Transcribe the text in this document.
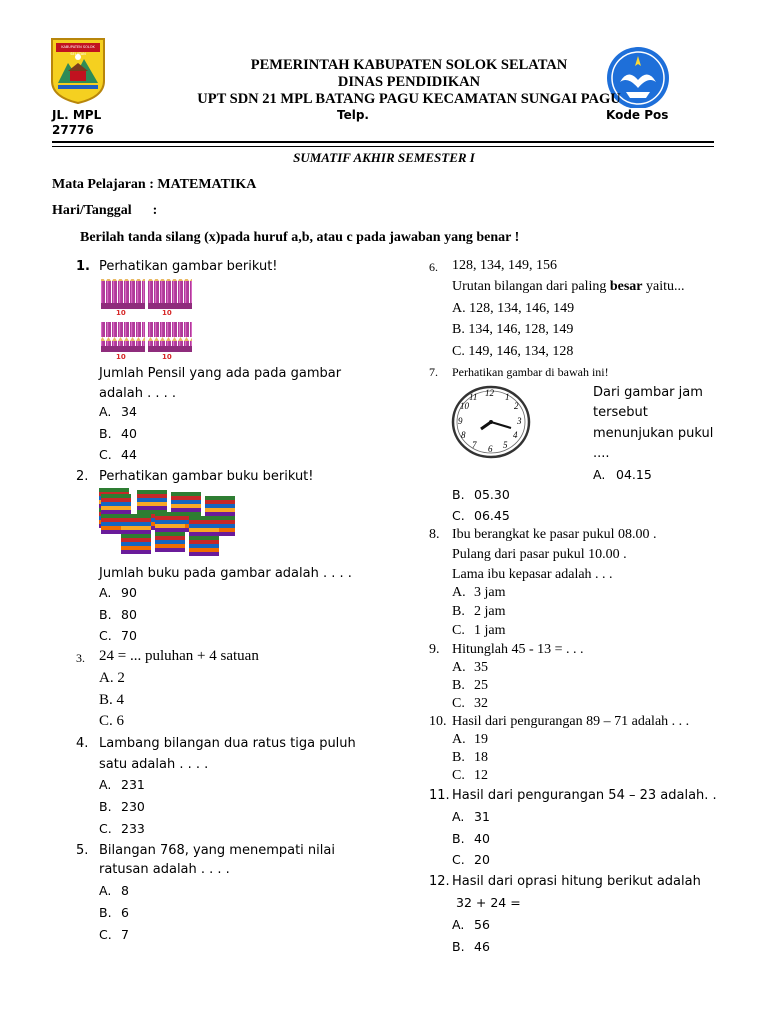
KABUPATEN SOLOK SELATAN
PEMERINTAH KABUPATEN SOLOK SELATAN
DINAS PENDIDIKAN
UPT SDN 21 MPL BATANG PAGU KECAMATAN SUNGAI PAGU
JL. MPL
27776
Telp.	Kode Pos
SUMATIF AKHIR SEMESTER I
Mata Pelajaran : MATEMATIKA
Hari/Tanggal      :
Berilah tanda silang (x)pada huruf a,b, atau c pada jawaban yang benar !
1. Perhatikan gambar berikut!
10	10
10	10
Jumlah Pensil yang ada pada gambar
adalah . . . .
A. 34
B. 40
C. 44
2. Perhatikan gambar buku berikut!
Jumlah buku pada gambar adalah . . . .
A. 90
B. 80
C. 70
3. 24 = ... puluhan + 4 satuan
A. 2
B. 4
C. 6
4. Lambang bilangan dua ratus tiga puluh
satu adalah . . . .
A. 231
B. 230
C. 233
5. Bilangan 768, yang menempati nilai
ratusan adalah . . . .
A. 8
B. 6
C. 7
6. 128, 134, 149, 156
Urutan bilangan dari paling besar yaitu...
A. 128, 134, 146, 149
B. 134, 146, 128, 149
C. 149, 146, 134, 128
7. Perhatikan gambar di bawah ini!
12 1
2
3
4
5
6
7
8
9
10
11	Dari gambar jam
tersebut
menunjukan pukul
....
A. 04.15
B. 05.30
C. 06.45
8. Ibu berangkat ke pasar pukul 08.00 .
Pulang dari pasar pukul 10.00 .
Lama ibu kepasar adalah . . .
A. 3 jam
B. 2 jam
C. 1 jam
9. Hitunglah 45 - 13 = . . .
A. 35
B. 25
C. 32
10. Hasil dari pengurangan 89 – 71 adalah . . .
A. 19
B. 18
C. 12
11. Hasil dari pengurangan 54 – 23 adalah. .
A. 31
B. 40
C. 20
12. Hasil dari oprasi hitung berikut adalah
32 + 24 =
A. 56
B. 46
